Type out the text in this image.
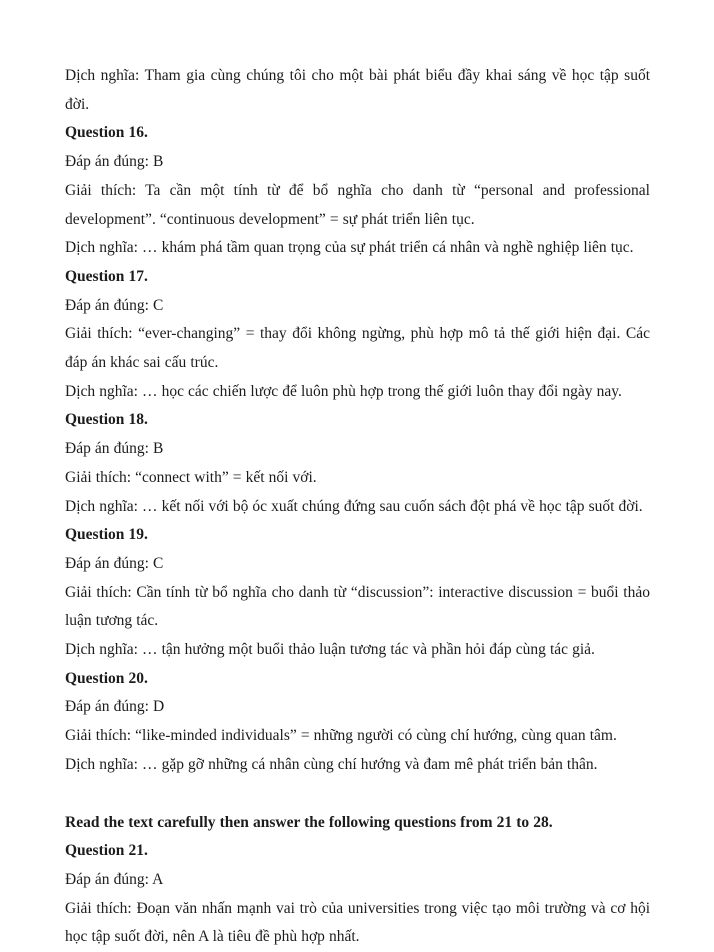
Dịch nghĩa: Tham gia cùng chúng tôi cho một bài phát biểu đầy khai sáng về học tập suốt đời.

Question 16.

Đáp án đúng: B

Giải thích: Ta cần một tính từ để bổ nghĩa cho danh từ “personal and professional development”. “continuous development” = sự phát triển liên tục.

Dịch nghĩa: … khám phá tầm quan trọng của sự phát triển cá nhân và nghề nghiệp liên tục.

Question 17.

Đáp án đúng: C

Giải thích: “ever-changing” = thay đổi không ngừng, phù hợp mô tả thế giới hiện đại. Các đáp án khác sai cấu trúc.

Dịch nghĩa: … học các chiến lược để luôn phù hợp trong thế giới luôn thay đổi ngày nay.

Question 18.

Đáp án đúng: B

Giải thích: “connect with” = kết nối với.

Dịch nghĩa: … kết nối với bộ óc xuất chúng đứng sau cuốn sách đột phá về học tập suốt đời.

Question 19.

Đáp án đúng: C

Giải thích: Cần tính từ bổ nghĩa cho danh từ “discussion”: interactive discussion = buổi thảo luận tương tác.

Dịch nghĩa: … tận hưởng một buổi thảo luận tương tác và phần hỏi đáp cùng tác giả.

Question 20.

Đáp án đúng: D

Giải thích: “like-minded individuals” = những người có cùng chí hướng, cùng quan tâm.

Dịch nghĩa: … gặp gỡ những cá nhân cùng chí hướng và đam mê phát triển bản thân.

Read the text carefully then answer the following questions from 21 to 28.

Question 21.

Đáp án đúng: A

Giải thích: Đoạn văn nhấn mạnh vai trò của universities trong việc tạo môi trường và cơ hội học tập suốt đời, nên A là tiêu đề phù hợp nhất.
